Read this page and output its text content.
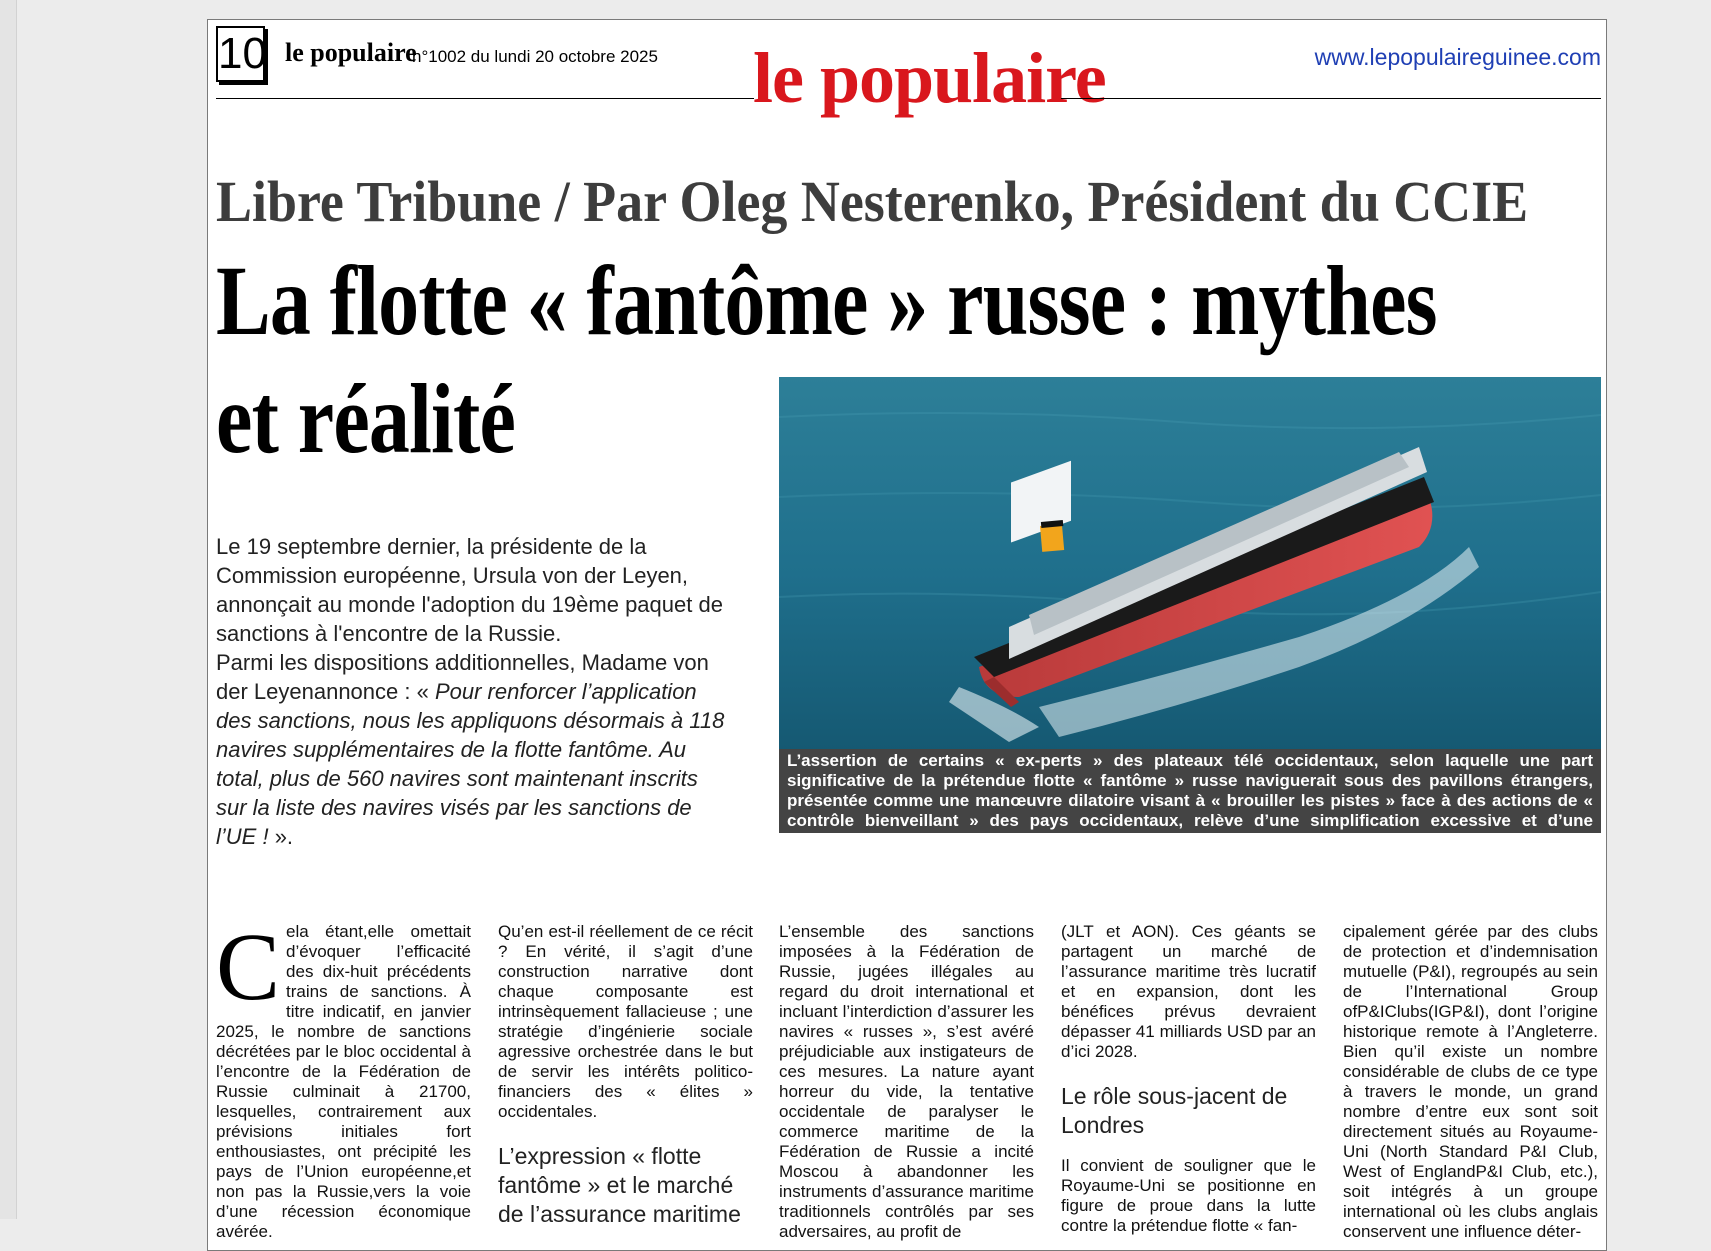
10 le populaire
n°1002 du lundi 20 octobre 2025 le populaire	www.lepopulaireguinee.com
Libre Tribune / Par Oleg Nesterenko, Président du CCIE
La flotte « fantôme » russe : mythes
et réalité
Le 19 septembre dernier, la présidente de la Commission européenne, Ursula von der Leyen, annonçait au monde l'adoption du 19ème paquet de sanctions à l'encontre de la Russie.
Parmi les dispositions additionnelles, Madame von der Leyenannonce : « Pour renforcer l’application des sanctions, nous les appliquons désormais à 118 navires supplémentaires de la flotte fantôme. Au total, plus de 560 navires sont maintenant inscrits sur la liste des navires visés par les sanctions de l’UE ! ».
L’assertion de certains « ex-perts » des plateaux télé occidentaux, selon laquelle une part significative de la prétendue flotte « fantôme » russe naviguerait sous des pavillons étrangers, présentée comme une manœuvre dilatoire visant à « brouiller les pistes » face à des actions de « contrôle bienveillant » des pays occidentaux, relève d’une simplification excessive et d’une méconnaissance totale des pratiques maritimes courantes.(© DR)

Cela étant,elle omettait d’évoquer l’efficacité des dix-huit précédents trains de sanctions. À titre indicatif, en janvier 2025, le nombre de sanctions décrétées par le bloc occidental à l’encontre de la Fédération de Russie culminait à 21700, lesquelles, contrairement aux prévisions initiales fort enthousiastes, ont précipité les pays de l’Union européenne,et non pas la Russie,vers la voie d’une récession économique avérée.

Qu’en est-il réellement de ce récit ? En vérité, il s’agit d’une construction narrative dont chaque composante est intrinsèquement fallacieuse ; une stratégie d’ingénierie sociale agressive orchestrée dans le but de servir les intérêts politico-financiers des « élites » occidentales.

L’expression « flotte fantôme » et le marché de l’assurance maritime

L’ensemble des sanctions imposées à la Fédération de Russie, jugées illégales au regard du droit international et incluant l’interdiction d’assurer les navires « russes », s’est avéré préjudiciable aux instigateurs de ces mesures. La nature ayant horreur du vide, la tentative occidentale de paralyser le commerce maritime de la Fédération de Russie a incité Moscou à abandonner les instruments d’assurance maritime traditionnels contrôlés par ses adversaires, au profit de

(JLT et AON). Ces géants se partagent un marché de l’assurance maritime très lucratif et en expansion, dont les bénéfices prévus devraient dépasser 41 milliards USD par an d’ici 2028.

Le rôle sous-jacent de Londres

Il convient de souligner que le Royaume-Uni se positionne en figure de proue dans la lutte contre la prétendue flotte « fan-

cipalement gérée par des clubs de protection et d’indemnisation mutuelle (P&I), regroupés au sein de l’International Group ofP&IClubs(IGP&I), dont l’origine historique remote à l’Angleterre. Bien qu’il existe un nombre considérable de clubs de ce type à travers le monde, un grand nombre d’entre eux sont soit directement situés au Royaume-Uni (North Standard P&I Club, West of EnglandP&I Club, etc.), soit intégrés à un groupe international où les clubs anglais conservent une influence déter-
